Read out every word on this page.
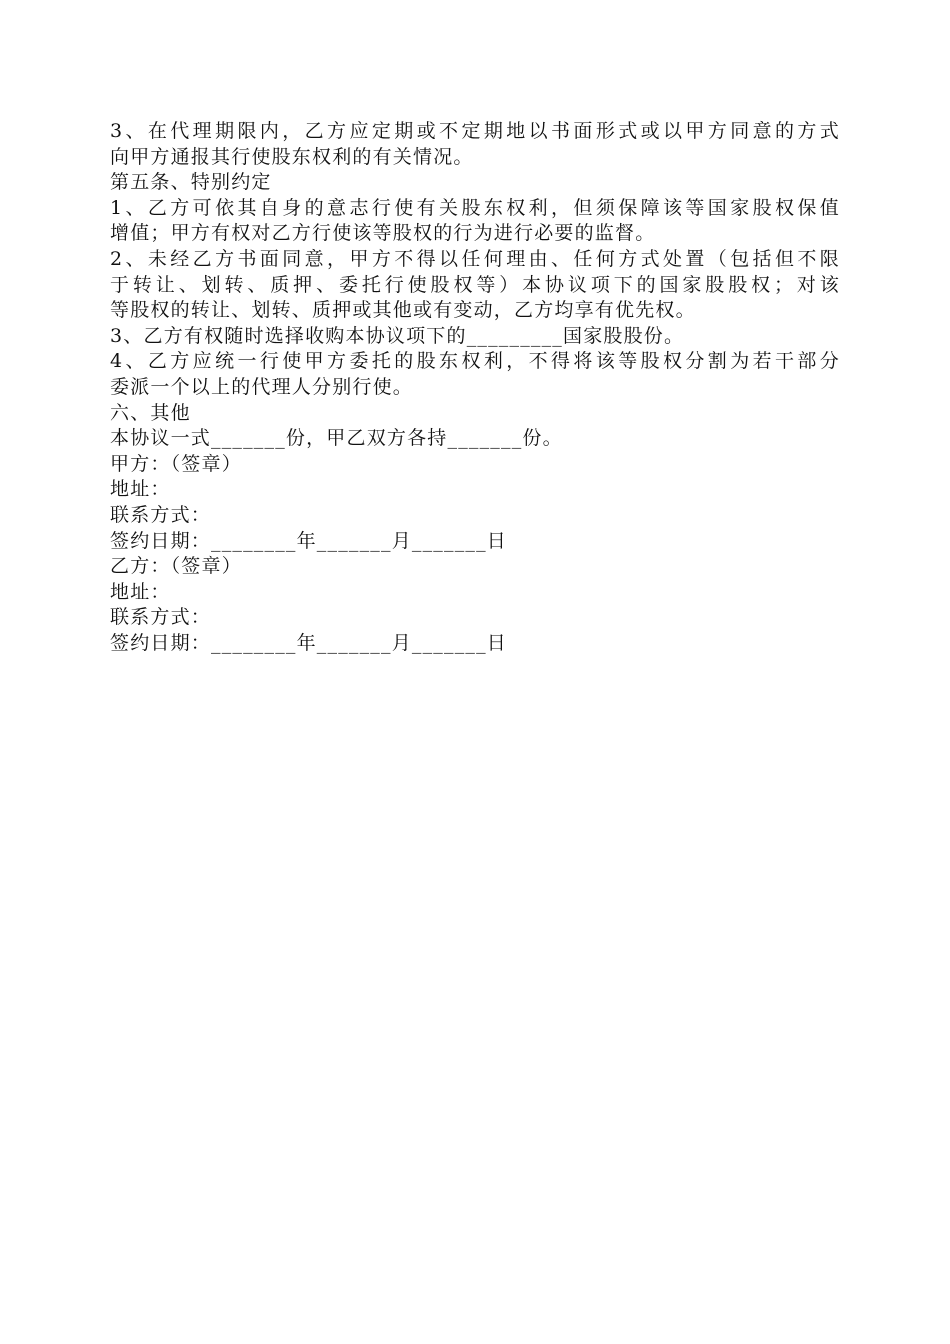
3、在代理期限内，乙方应定期或不定期地以书面形式或以甲方同意的方式
向甲方通报其行使股东权利的有关情况。
第五条、特别约定
1、乙方可依其自身的意志行使有关股东权利，但须保障该等国家股权保值
增值；甲方有权对乙方行使该等股权的行为进行必要的监督。
2、未经乙方书面同意，甲方不得以任何理由、任何方式处置（包括但不限
于转让、划转、质押、委托行使股权等）本协议项下的国家股股权；对该
等股权的转让、划转、质押或其他或有变动，乙方均享有优先权。
3、乙方有权随时选择收购本协议项下的_________国家股股份。
4、乙方应统一行使甲方委托的股东权利，不得将该等股权分割为若干部分
委派一个以上的代理人分别行使。
六、其他
本协议一式_______份，甲乙双方各持_______份。
甲方：（签章）
地址：
联系方式：
签约日期：________年_______月_______日
乙方：（签章）
地址：
联系方式：
签约日期：________年_______月_______日
